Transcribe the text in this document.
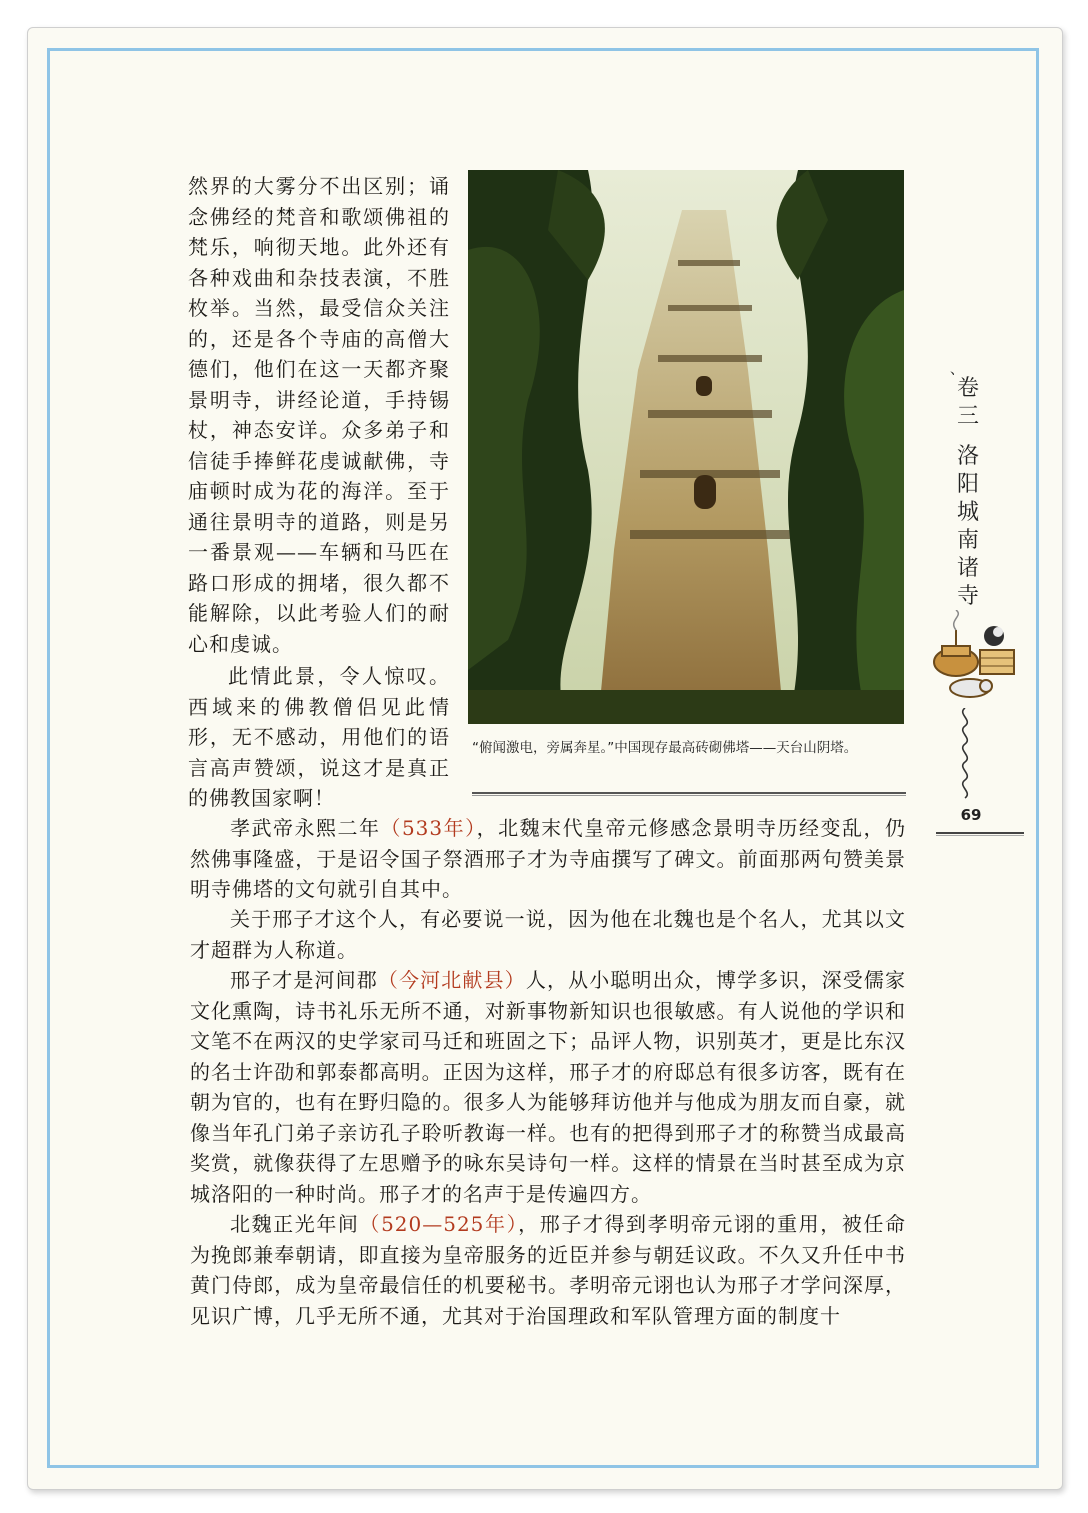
然界的大雾分不出区别；诵念佛经的梵音和歌颂佛祖的梵乐，响彻天地。此外还有各种戏曲和杂技表演，不胜枚举。当然，最受信众关注的，还是各个寺庙的高僧大德们，他们在这一天都齐聚景明寺，讲经论道，手持锡杖，神态安详。众多弟子和信徒手捧鲜花虔诚献佛，寺庙顿时成为花的海洋。至于通往景明寺的道路，则是另一番景观——车辆和马匹在路口形成的拥堵，很久都不能解除，以此考验人们的耐心和虔诚。

此情此景，令人惊叹。西域来的佛教僧侣见此情形，无不感动，用他们的语言高声赞颂，说这才是真正的佛教国家啊！

“俯闻激电，旁属奔星。”中国现存最高砖砌佛塔——天台山阴塔。

、
卷
三
洛
阳
城
南
诸
寺
69

孝武帝永熙二年（533年），北魏末代皇帝元修感念景明寺历经变乱，仍然佛事隆盛，于是诏令国子祭酒邢子才为寺庙撰写了碑文。前面那两句赞美景明寺佛塔的文句就引自其中。

关于邢子才这个人，有必要说一说，因为他在北魏也是个名人，尤其以文才超群为人称道。

邢子才是河间郡（今河北献县）人，从小聪明出众，博学多识，深受儒家文化熏陶，诗书礼乐无所不通，对新事物新知识也很敏感。有人说他的学识和文笔不在两汉的史学家司马迁和班固之下；品评人物，识别英才，更是比东汉的名士许劭和郭泰都高明。正因为这样，邢子才的府邸总有很多访客，既有在朝为官的，也有在野归隐的。很多人为能够拜访他并与他成为朋友而自豪，就像当年孔门弟子亲访孔子聆听教诲一样。也有的把得到邢子才的称赞当成最高奖赏，就像获得了左思赠予的咏东吴诗句一样。这样的情景在当时甚至成为京城洛阳的一种时尚。邢子才的名声于是传遍四方。

北魏正光年间（520—525年），邢子才得到孝明帝元诩的重用，被任命为挽郎兼奉朝请，即直接为皇帝服务的近臣并参与朝廷议政。不久又升任中书黄门侍郎，成为皇帝最信任的机要秘书。孝明帝元诩也认为邢子才学问深厚，见识广博，几乎无所不通，尤其对于治国理政和军队管理方面的制度十
